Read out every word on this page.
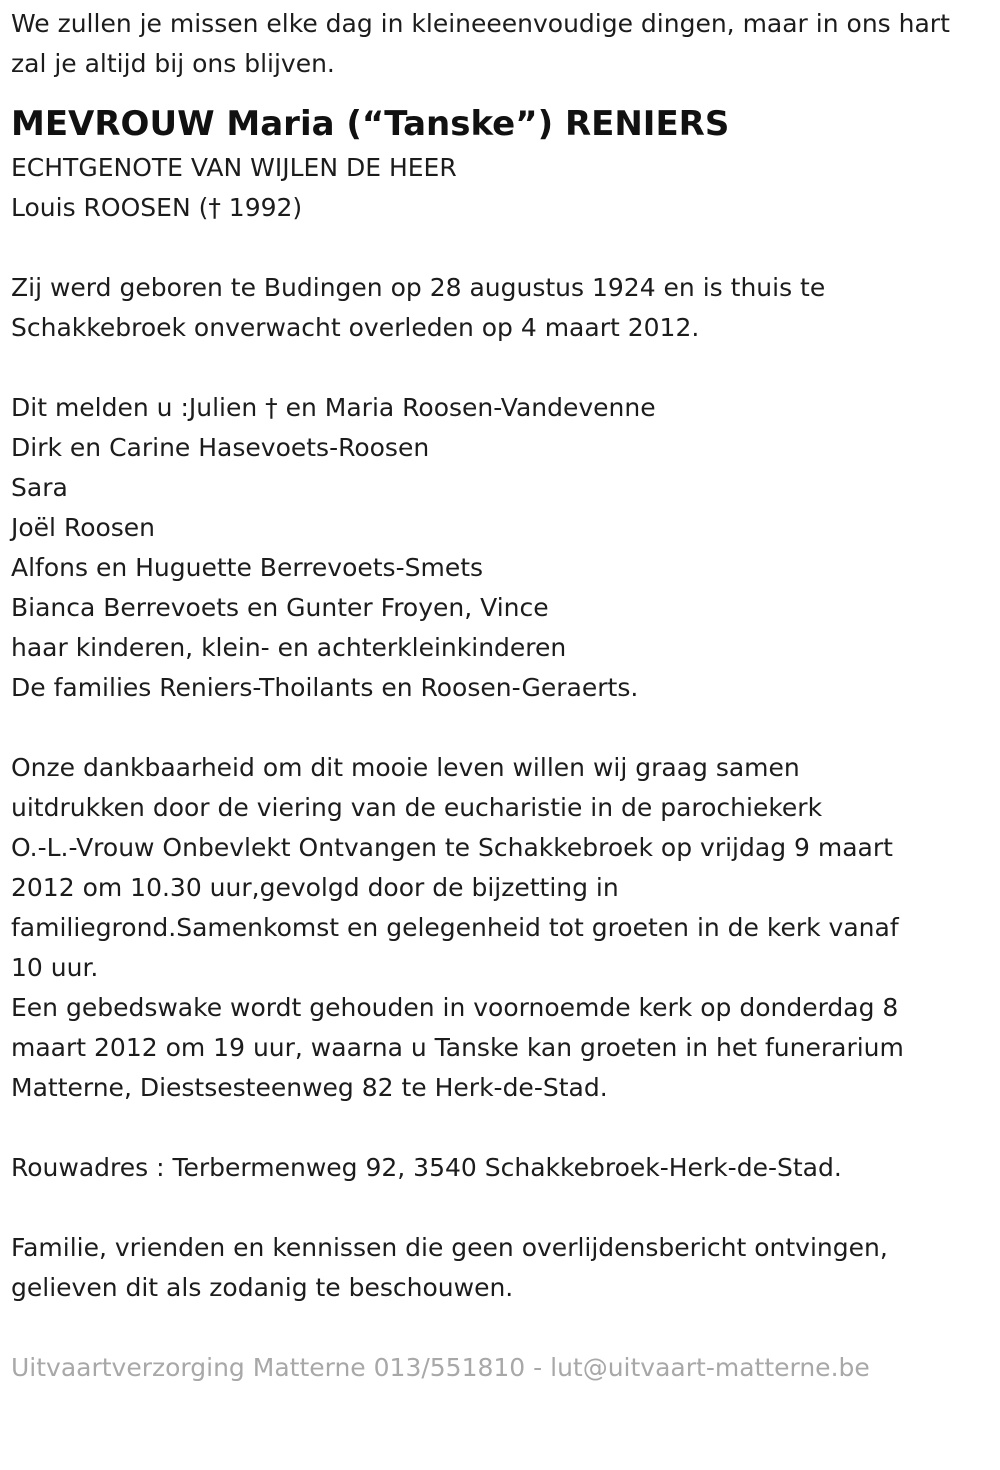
We zullen je missen elke dag in kleineeenvoudige dingen, maar in ons hart
zal je altijd bij ons blijven.

MEVROUW Maria (“Tanske”) RENIERS

ECHTGENOTE VAN WIJLEN DE HEER
Louis ROOSEN († 1992)

Zij werd geboren te Budingen op 28 augustus 1924 en is thuis te
Schakkebroek onverwacht overleden op 4 maart 2012.

Dit melden u :Julien † en Maria Roosen-Vandevenne
Dirk en Carine Hasevoets-Roosen
Sara
Joël Roosen
Alfons en Huguette Berrevoets-Smets
Bianca Berrevoets en Gunter Froyen, Vince
haar kinderen, klein- en achterkleinkinderen
De families Reniers-Thoilants en Roosen-Geraerts.

Onze dankbaarheid om dit mooie leven willen wij graag samen
uitdrukken door de viering van de eucharistie in de parochiekerk
O.-L.-Vrouw Onbevlekt Ontvangen te Schakkebroek op vrijdag 9 maart
2012 om 10.30 uur,gevolgd door de bijzetting in
familiegrond.Samenkomst en gelegenheid tot groeten in de kerk vanaf
10 uur.
Een gebedswake wordt gehouden in voornoemde kerk op donderdag 8
maart 2012 om 19 uur, waarna u Tanske kan groeten in het funerarium
Matterne, Diestsesteenweg 82 te Herk-de-Stad.

Rouwadres : Terbermenweg 92, 3540 Schakkebroek-Herk-de-Stad.

Familie, vrienden en kennissen die geen overlijdensbericht ontvingen,
gelieven dit als zodanig te beschouwen.

Uitvaartverzorging Matterne 013/551810 - lut@uitvaart-matterne.be
